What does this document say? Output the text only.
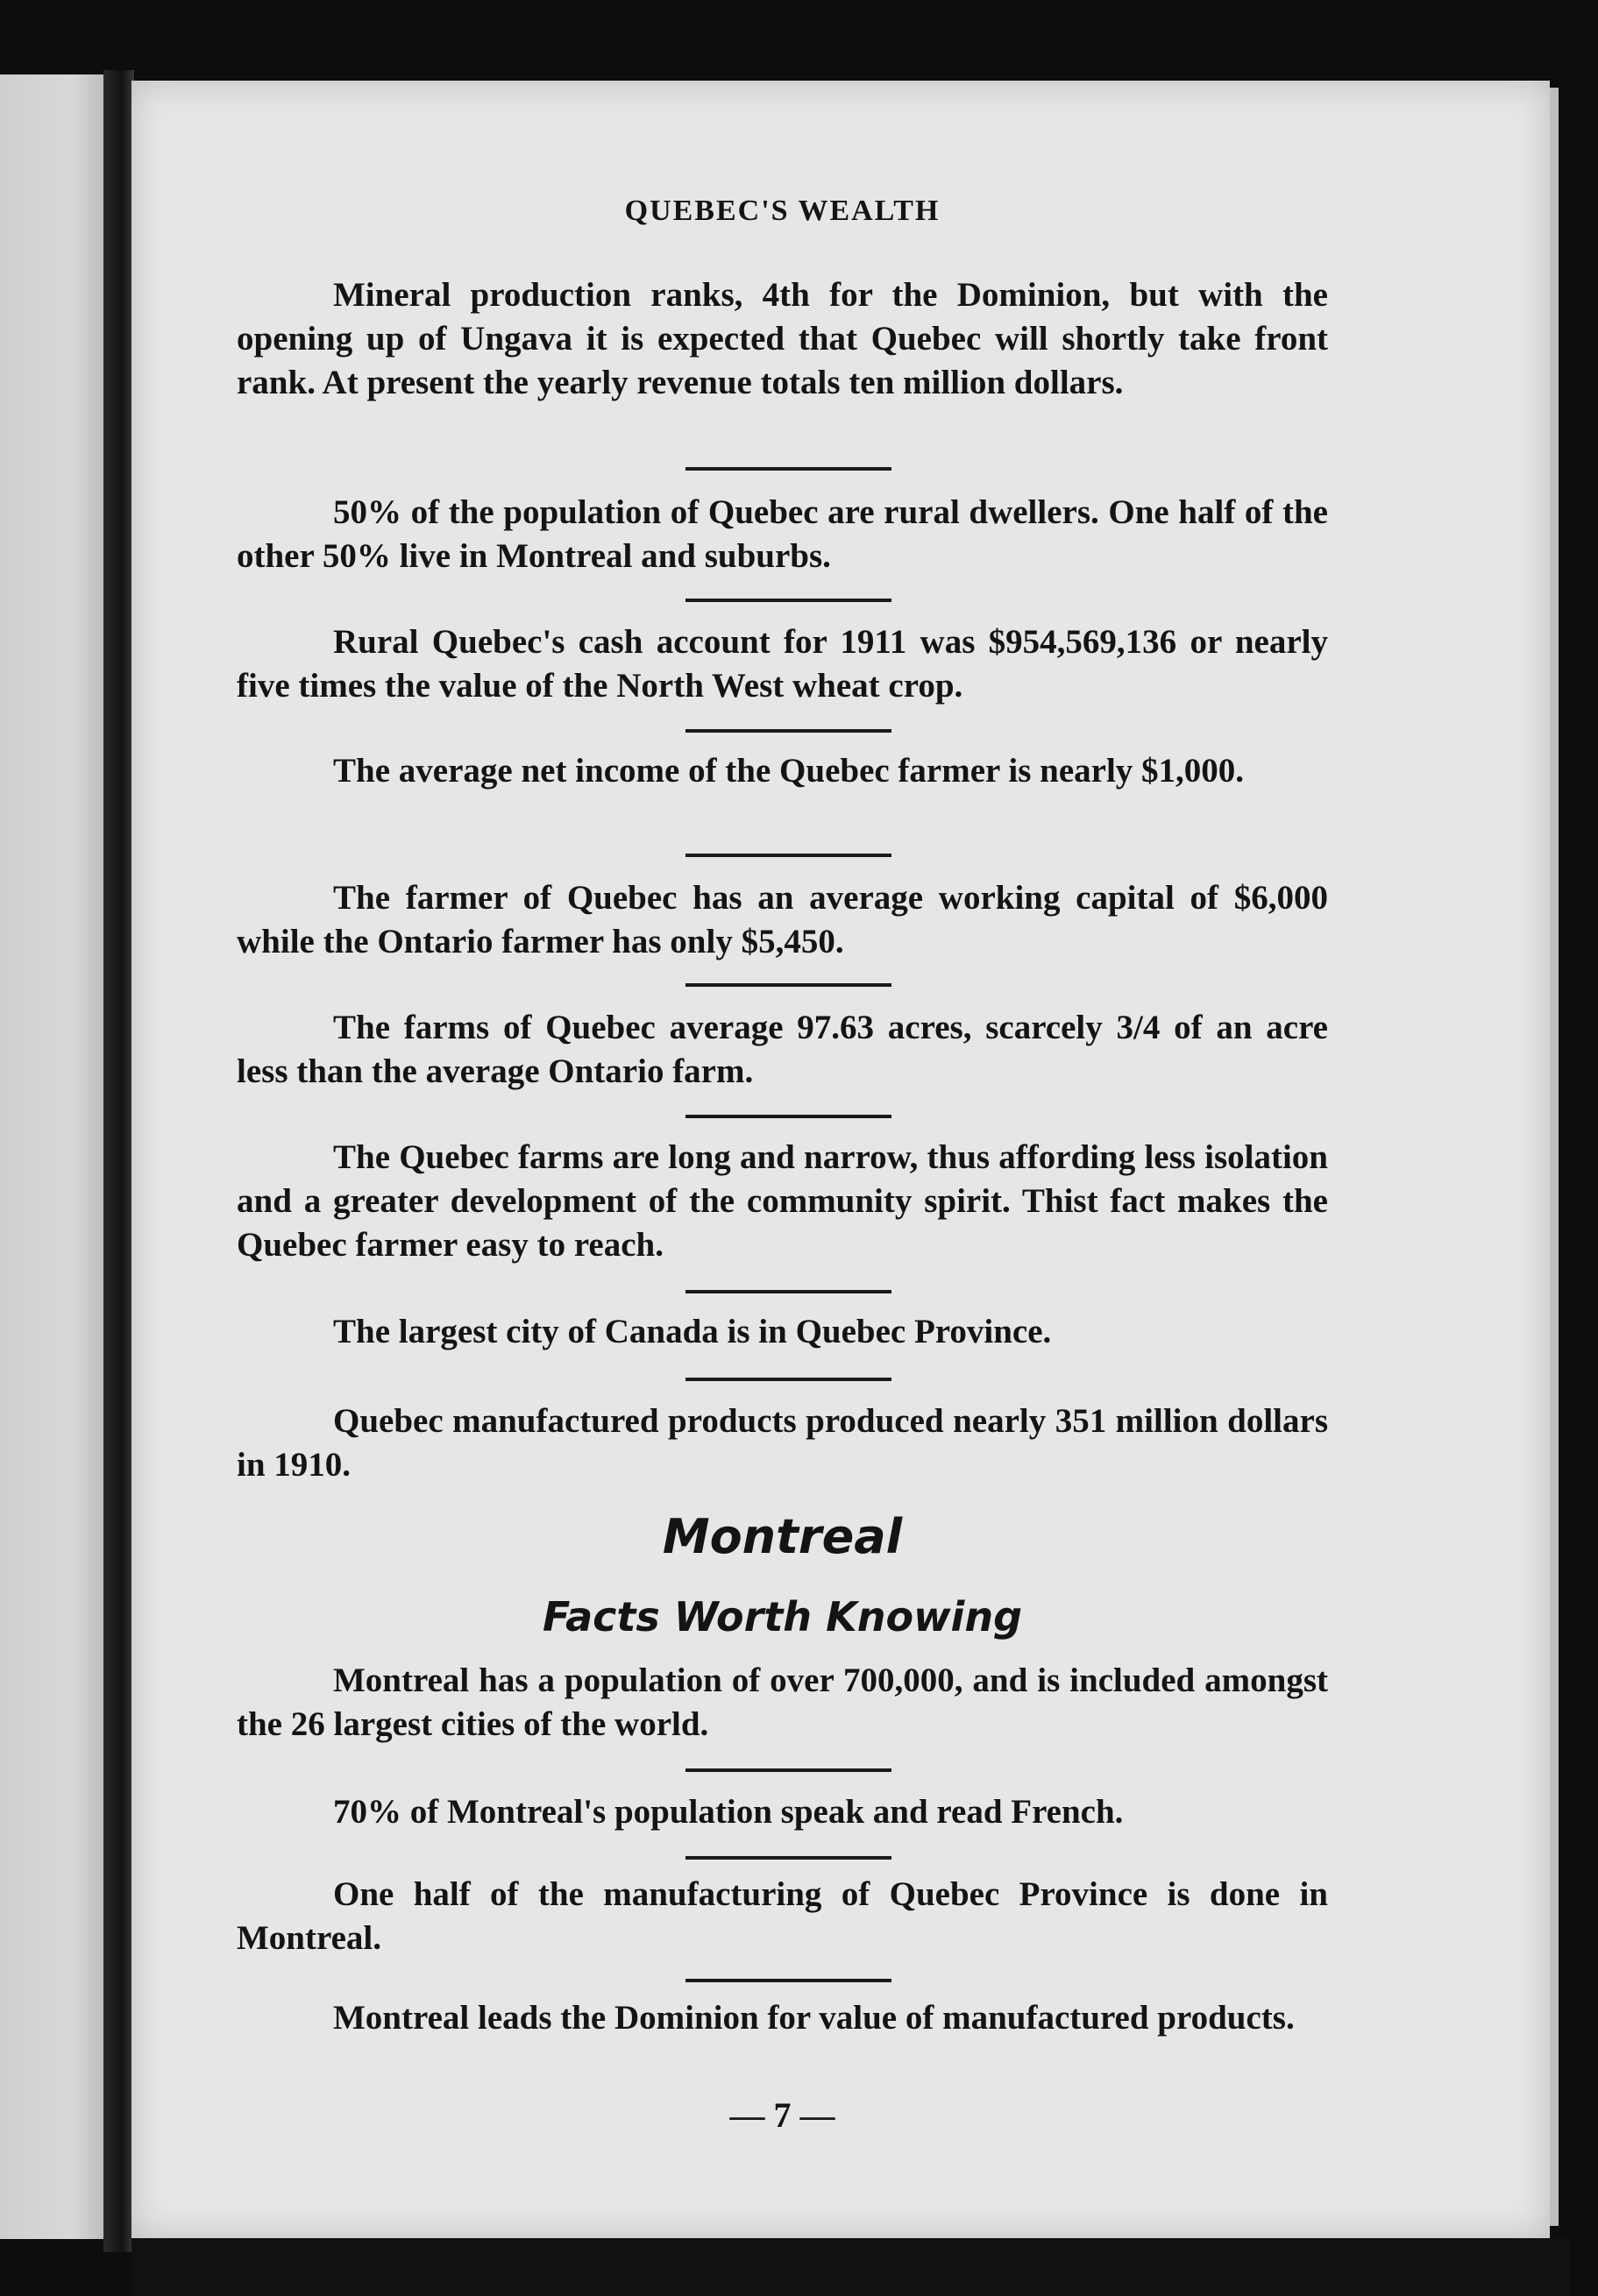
QUEBEC'S WEALTH

Mineral production ranks, 4th for the Dominion, but with the opening up of Ungava it is expected that Quebec will shortly take front rank. At present the yearly revenue totals ten million dollars.

50% of the population of Quebec are rural dwellers. One half of the other 50% live in Montreal and suburbs.

Rural Quebec's cash account for 1911 was $954,569,136 or nearly five times the value of the North West wheat crop.

The average net income of the Quebec farmer is nearly $1,000.

The farmer of Quebec has an average working capital of $6,000 while the Ontario farmer has only $5,450.

The farms of Quebec average 97.63 acres, scarcely 3/4 of an acre less than the average Ontario farm.

The Quebec farms are long and narrow, thus affording less isolation and a greater development of the community spirit. Thist fact makes the Quebec farmer easy to reach.

The largest city of Canada is in Quebec Province.

Quebec manufactured products produced nearly 351 million dollars in 1910.

Montreal
Facts Worth Knowing

Montreal has a population of over 700,000, and is included amongst the 26 largest cities of the world.

70% of Montreal's population speak and read French.

One half of the manufacturing of Quebec Province is done in Montreal.

Montreal leads the Dominion for value of manufactured products.

— 7 —
